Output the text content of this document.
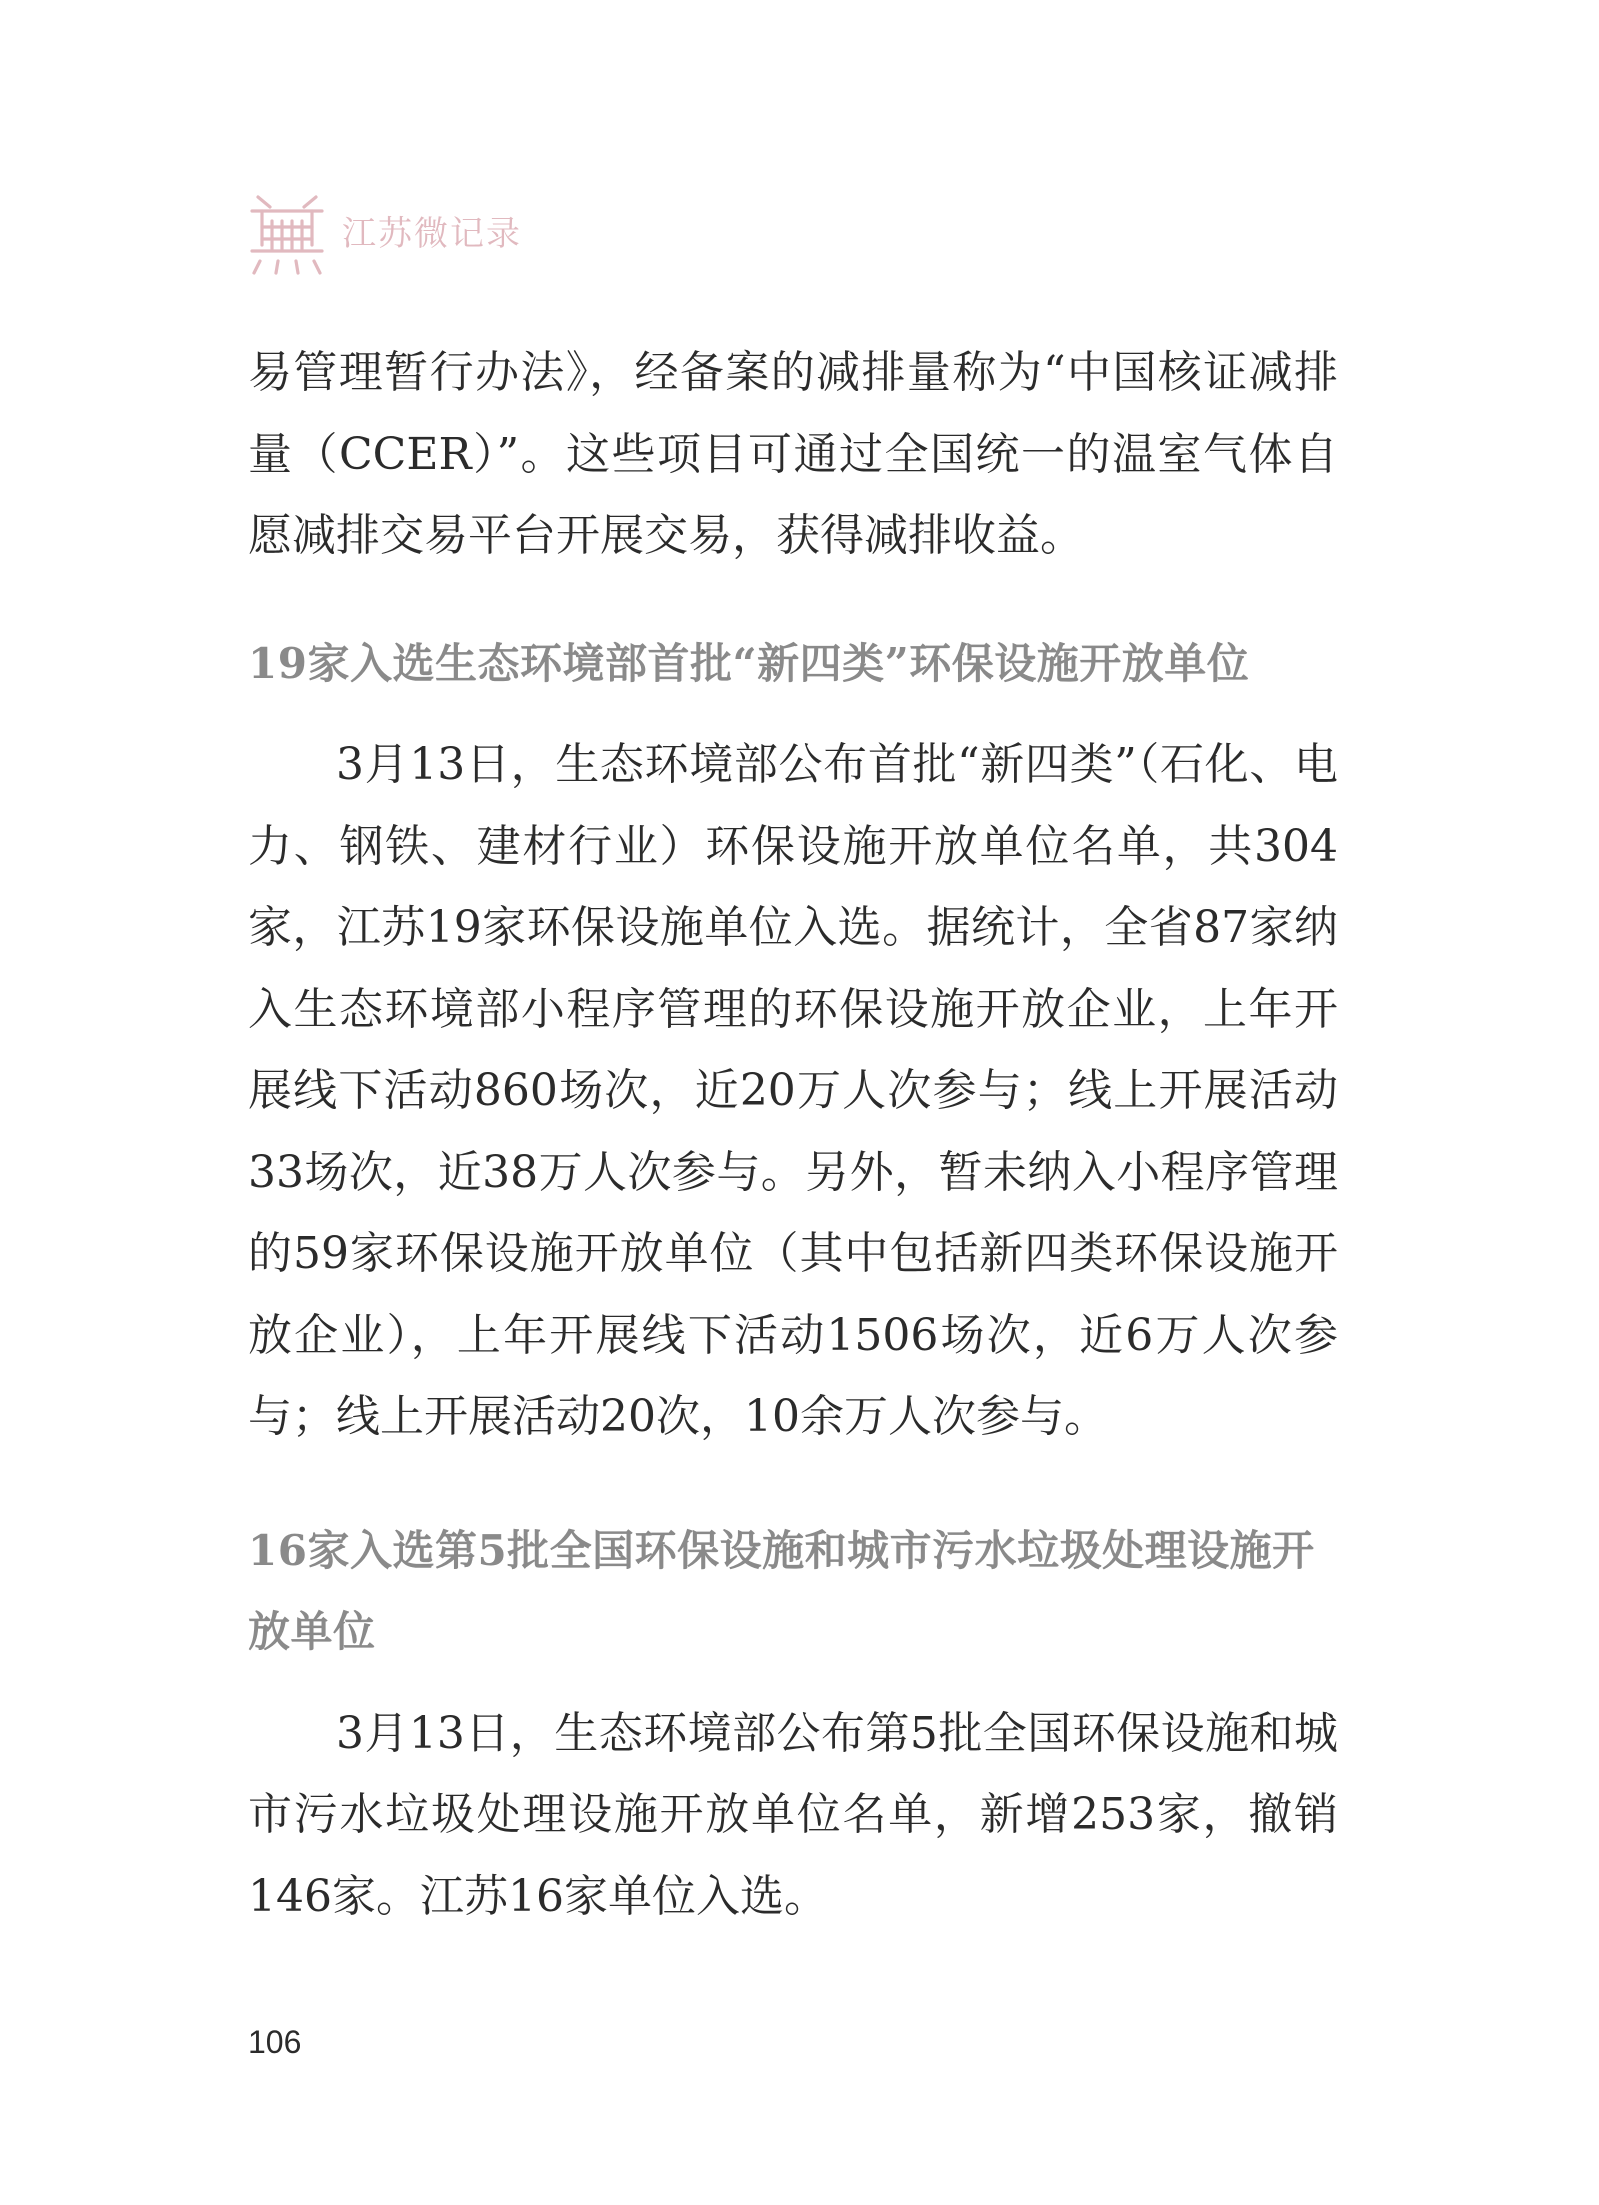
江苏微记录

易管理暂行办法》，经备案的减排量称为“中国核证减排量（CCER）”。这些项目可通过全国统一的温室气体自愿减排交易平台开展交易，获得减排收益。

19家入选生态环境部首批“新四类”环保设施开放单位

3月13日，生态环境部公布首批“新四类”（石化、电力、钢铁、建材行业）环保设施开放单位名单，共304家，江苏19家环保设施单位入选。据统计，全省87家纳入生态环境部小程序管理的环保设施开放企业，上年开展线下活动860场次，近20万人次参与；线上开展活动33场次，近38万人次参与。另外，暂未纳入小程序管理的59家环保设施开放单位（其中包括新四类环保设施开放企业），上年开展线下活动1506场次，近6万人次参与；线上开展活动20次，10余万人次参与。

16家入选第5批全国环保设施和城市污水垃圾处理设施开放单位

3月13日，生态环境部公布第5批全国环保设施和城市污水垃圾处理设施开放单位名单，新增253家，撤销146家。江苏16家单位入选。

106
